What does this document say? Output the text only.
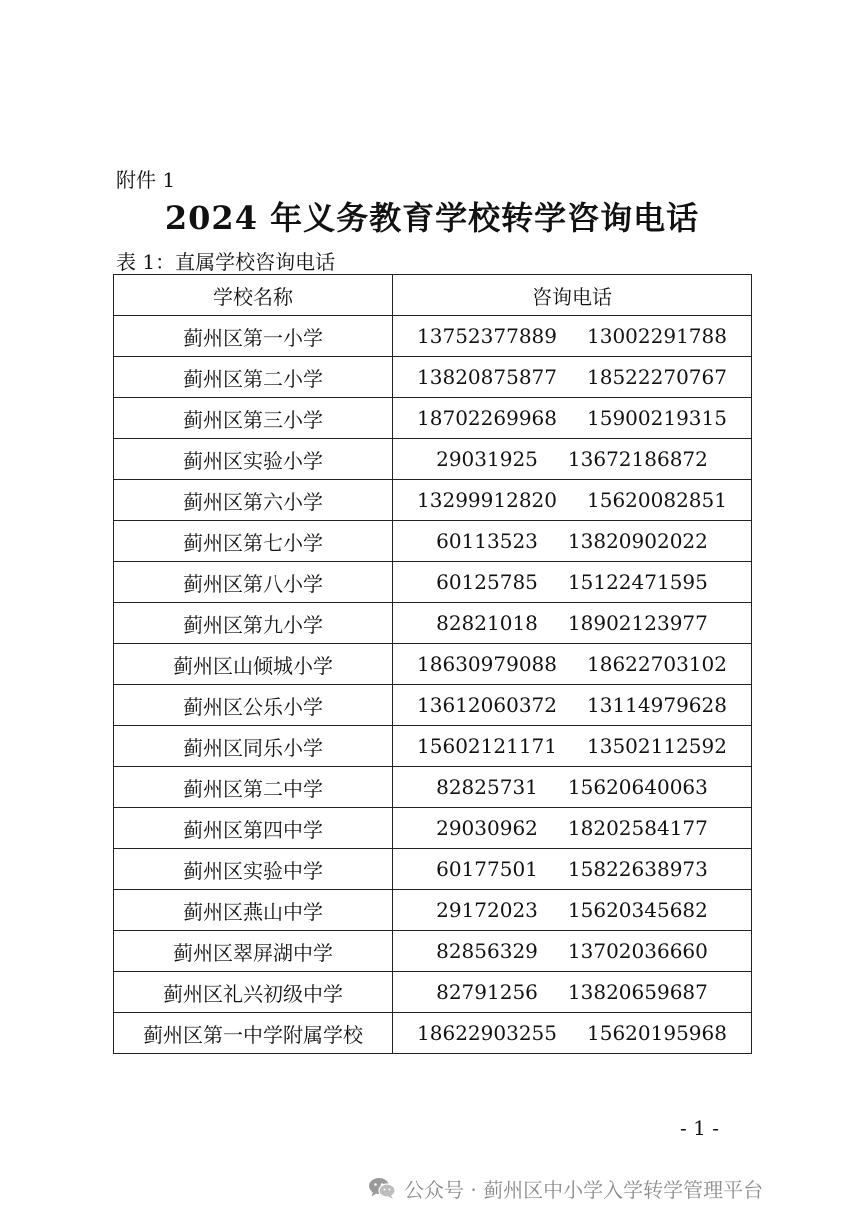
附件 1
2024 年义务教育学校转学咨询电话
表 1：直属学校咨询电话
学校名称	咨询电话
蓟州区第一小学	13752377889 13002291788
蓟州区第二小学	13820875877 18522270767
蓟州区第三小学	18702269968 15900219315
蓟州区实验小学	29031925 13672186872
蓟州区第六小学	13299912820 15620082851
蓟州区第七小学	60113523 13820902022
蓟州区第八小学	60125785 15122471595
蓟州区第九小学	82821018 18902123977
蓟州区山倾城小学	18630979088 18622703102
蓟州区公乐小学	13612060372 13114979628
蓟州区同乐小学	15602121171 13502112592
蓟州区第二中学	82825731 15620640063
蓟州区第四中学	29030962 18202584177
蓟州区实验中学	60177501 15822638973
蓟州区燕山中学	29172023 15620345682
蓟州区翠屏湖中学	82856329 13702036660
蓟州区礼兴初级中学	82791256 13820659687
蓟州区第一中学附属学校	18622903255 15620195968
- 1 -
公众号 · 蓟州区中小学入学转学管理平台
